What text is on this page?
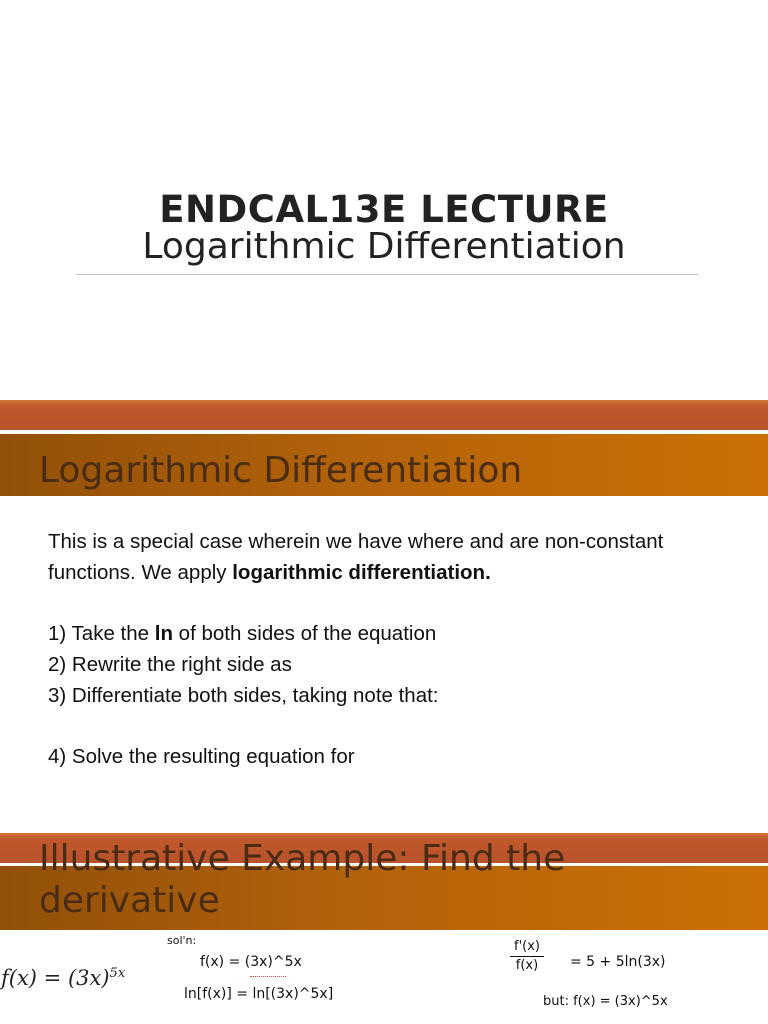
ENDCAL13E LECTURE
Logarithmic Differentiation
Logarithmic Differentiation

This is a special case wherein we have where and are non-constant functions. We apply logarithmic differentiation.

1) Take the ln of both sides of the equation

2) Rewrite the right side as

3) Differentiate both sides, taking note that:

4) Solve the resulting equation for

Illustrative Example: Find the derivative
$f(x) = (3x)^{5x}$
sol'n:
f(x) = (3x)^5x
ln[f(x)] = ln[(3x)^5x]
f'(x)
f(x)	= 5 + 5ln(3x)
but: f(x) = (3x)^5x
